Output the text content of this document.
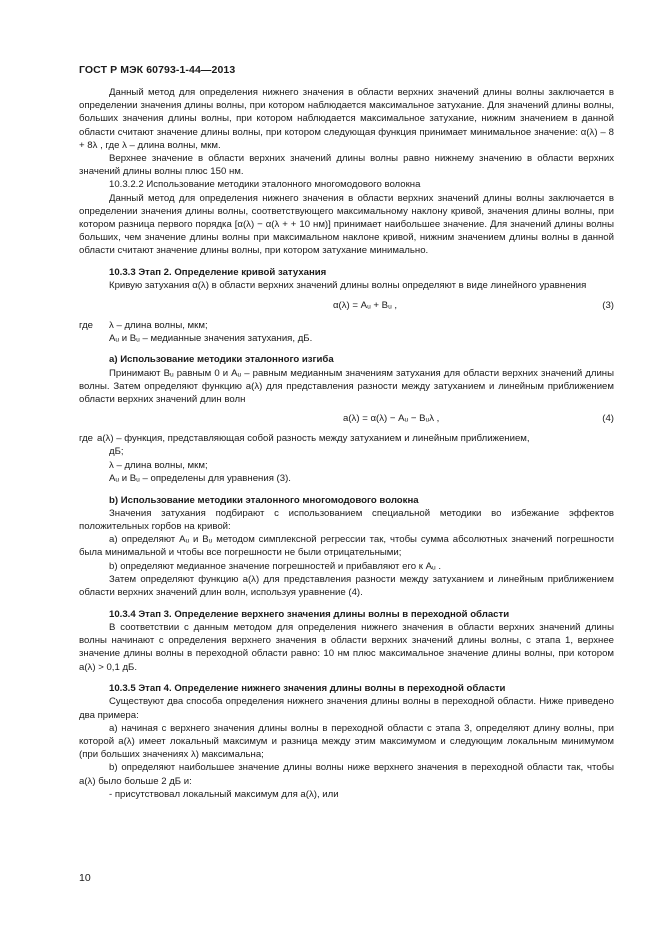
ГОСТ Р МЭК 60793-1-44—2013

Данный метод для определения нижнего значения в области верхних значений длины волны заключается в определении значения длины волны, при котором наблюдается максимальное затухание. Для значений длины волны, больших значения длины волны, при котором наблюдается максимальное затухание, нижним значением в данной области считают значение длины волны, при котором следующая функция принимает минимальное значение: α(λ) – 8 + 8λ , где λ – длина волны, мкм.

Верхнее значение в области верхних значений длины волны равно нижнему значению в области верхних значений длины волны плюс 150 нм.

10.3.2.2 Использование методики эталонного многомодового волокна

Данный метод для определения нижнего значения в области верхних значений длины волны заключается в определении значения длины волны, соответствующего максимальному наклону кривой, значения длины волны, при котором разница первого порядка [α(λ) − α(λ + + 10 нм)] принимает наибольшее значение. Для значений длины волны больших, чем значение длины волны при максимальном наклоне кривой, нижним значением длины волны в данной области считают значение длины волны, при котором затухание минимально.

10.3.3 Этап 2. Определение кривой затухания

Кривую затухания α(λ) в области верхних значений длины волны определяют в виде линейного уравнения

α(λ) = Aᵤ + Bᵤ ,	(3)
где λ – длина волны, мкм;
Aᵤ и Bᵤ – медианные значения затухания, дБ.

а) Использование методики эталонного изгиба

Принимают Bᵤ равным 0 и Aᵤ – равным медианным значениям затухания для области верхних значений длины волны. Затем определяют функцию a(λ) для представления разности между затуханием и линейным приближением области верхних значений длин волн

a(λ) = α(λ) − Aᵤ − Bᵤλ ,	(4)
где a(λ) – функция, представляющая собой разность между затуханием и линейным приближением,
дБ;
λ – длина волны, мкм;
Aᵤ и Bᵤ – определены для уравнения (3).

b) Использование методики эталонного многомодового волокна

Значения затухания подбирают с использованием специальной методики во избежание эффектов положительных горбов на кривой:

а) определяют Aᵤ и Bᵤ методом симплексной регрессии так, чтобы сумма абсолютных значений погрешности была минимальной и чтобы все погрешности не были отрицательными;

b) определяют медианное значение погрешностей и прибавляют его к Aᵤ .

Затем определяют функцию a(λ) для представления разности между затуханием и линейным приближением области верхних значений длин волн, используя уравнение (4).

10.3.4 Этап 3. Определение верхнего значения длины волны в переходной области

В соответствии с данным методом для определения нижнего значения в области верхних значений длины волны начинают с определения верхнего значения в области верхних значений длины волны, с этапа 1, верхнее значение длины волны в переходной области равно: 10 нм плюс максимальное значение длины волны, при котором a(λ) > 0,1 дБ.

10.3.5 Этап 4. Определение нижнего значения длины волны в переходной области

Существуют два способа определения нижнего значения длины волны в переходной области. Ниже приведено два примера:

а) начиная с верхнего значения длины волны в переходной области с этапа 3, определяют длину волны, при которой a(λ) имеет локальный максимум и разница между этим максимумом и следующим локальным минимумом (при больших значениях λ) максимальна;

b) определяют наибольшее значение длины волны ниже верхнего значения в переходной области так, чтобы a(λ) было больше 2 дБ и:

- присутствовал локальный максимум для a(λ), или

10
